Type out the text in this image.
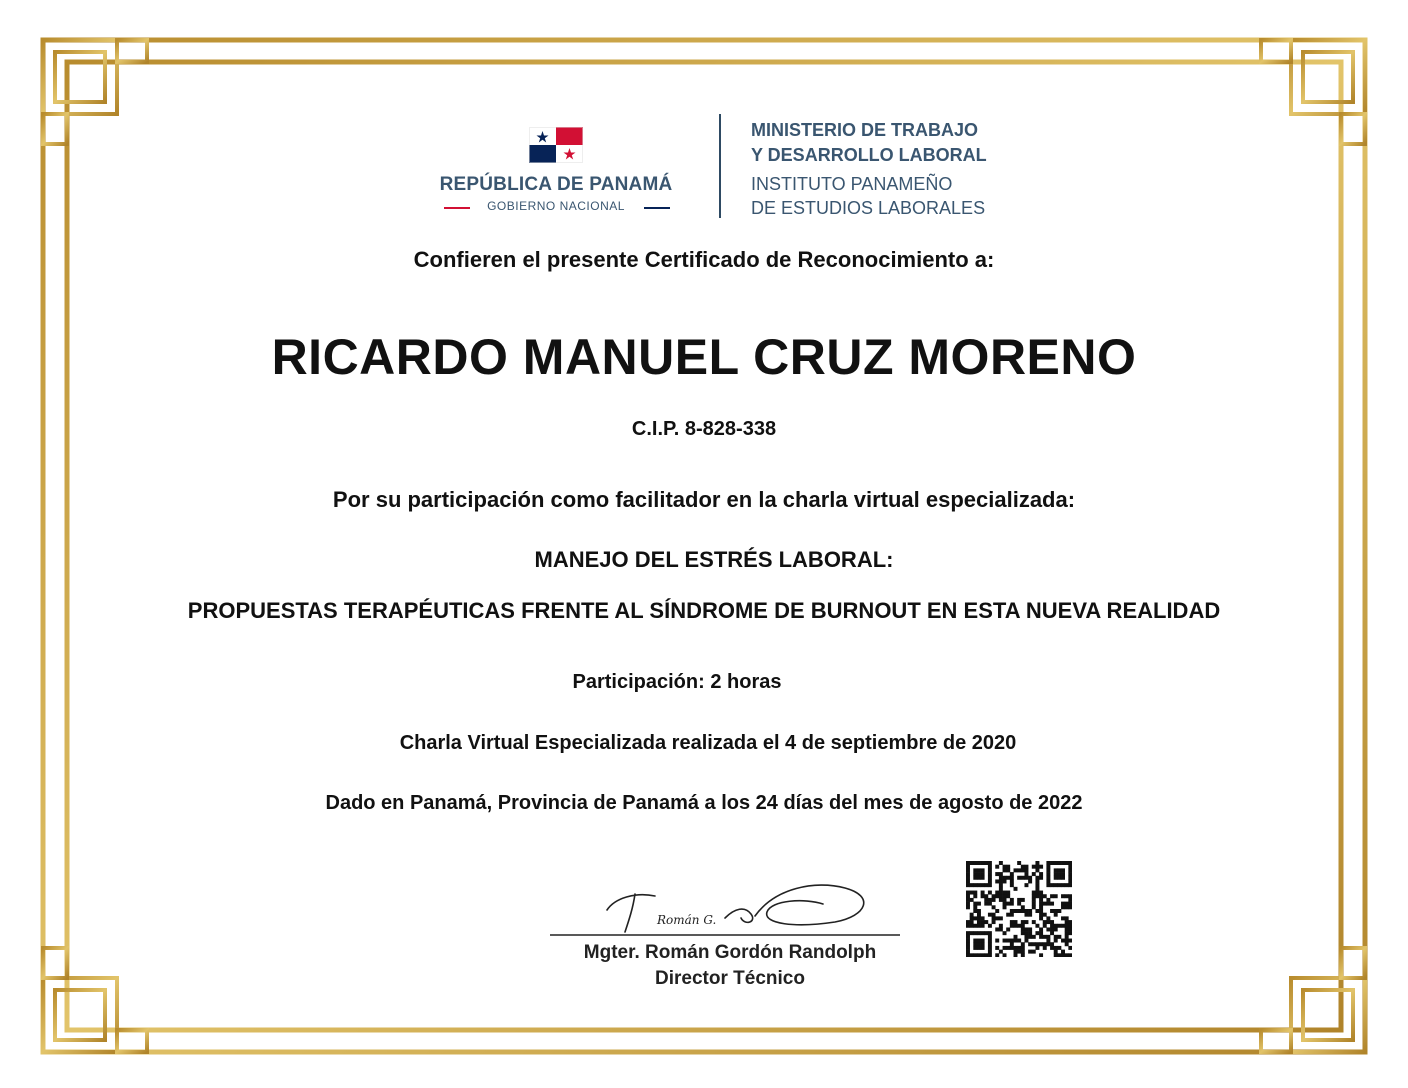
REPÚBLICA DE PANAMÁ
GOBIERNO NACIONAL
MINISTERIO DE TRABAJO
Y DESARROLLO LABORAL
INSTITUTO PANAMEÑO
DE ESTUDIOS LABORALES
Confieren el presente Certificado de Reconocimiento a:
RICARDO MANUEL CRUZ MORENO
C.I.P. 8-828-338
Por su participación como facilitador en la charla virtual especializada:
MANEJO DEL ESTRÉS LABORAL:
PROPUESTAS TERAPÉUTICAS FRENTE AL SÍNDROME DE BURNOUT EN ESTA NUEVA REALIDAD
Participación: 2 horas
Charla Virtual Especializada realizada el 4 de septiembre de 2020
Dado en Panamá, Provincia de Panamá a los 24 días del mes de agosto de 2022
Román G.
Mgter. Román Gordón Randolph
Director Técnico
